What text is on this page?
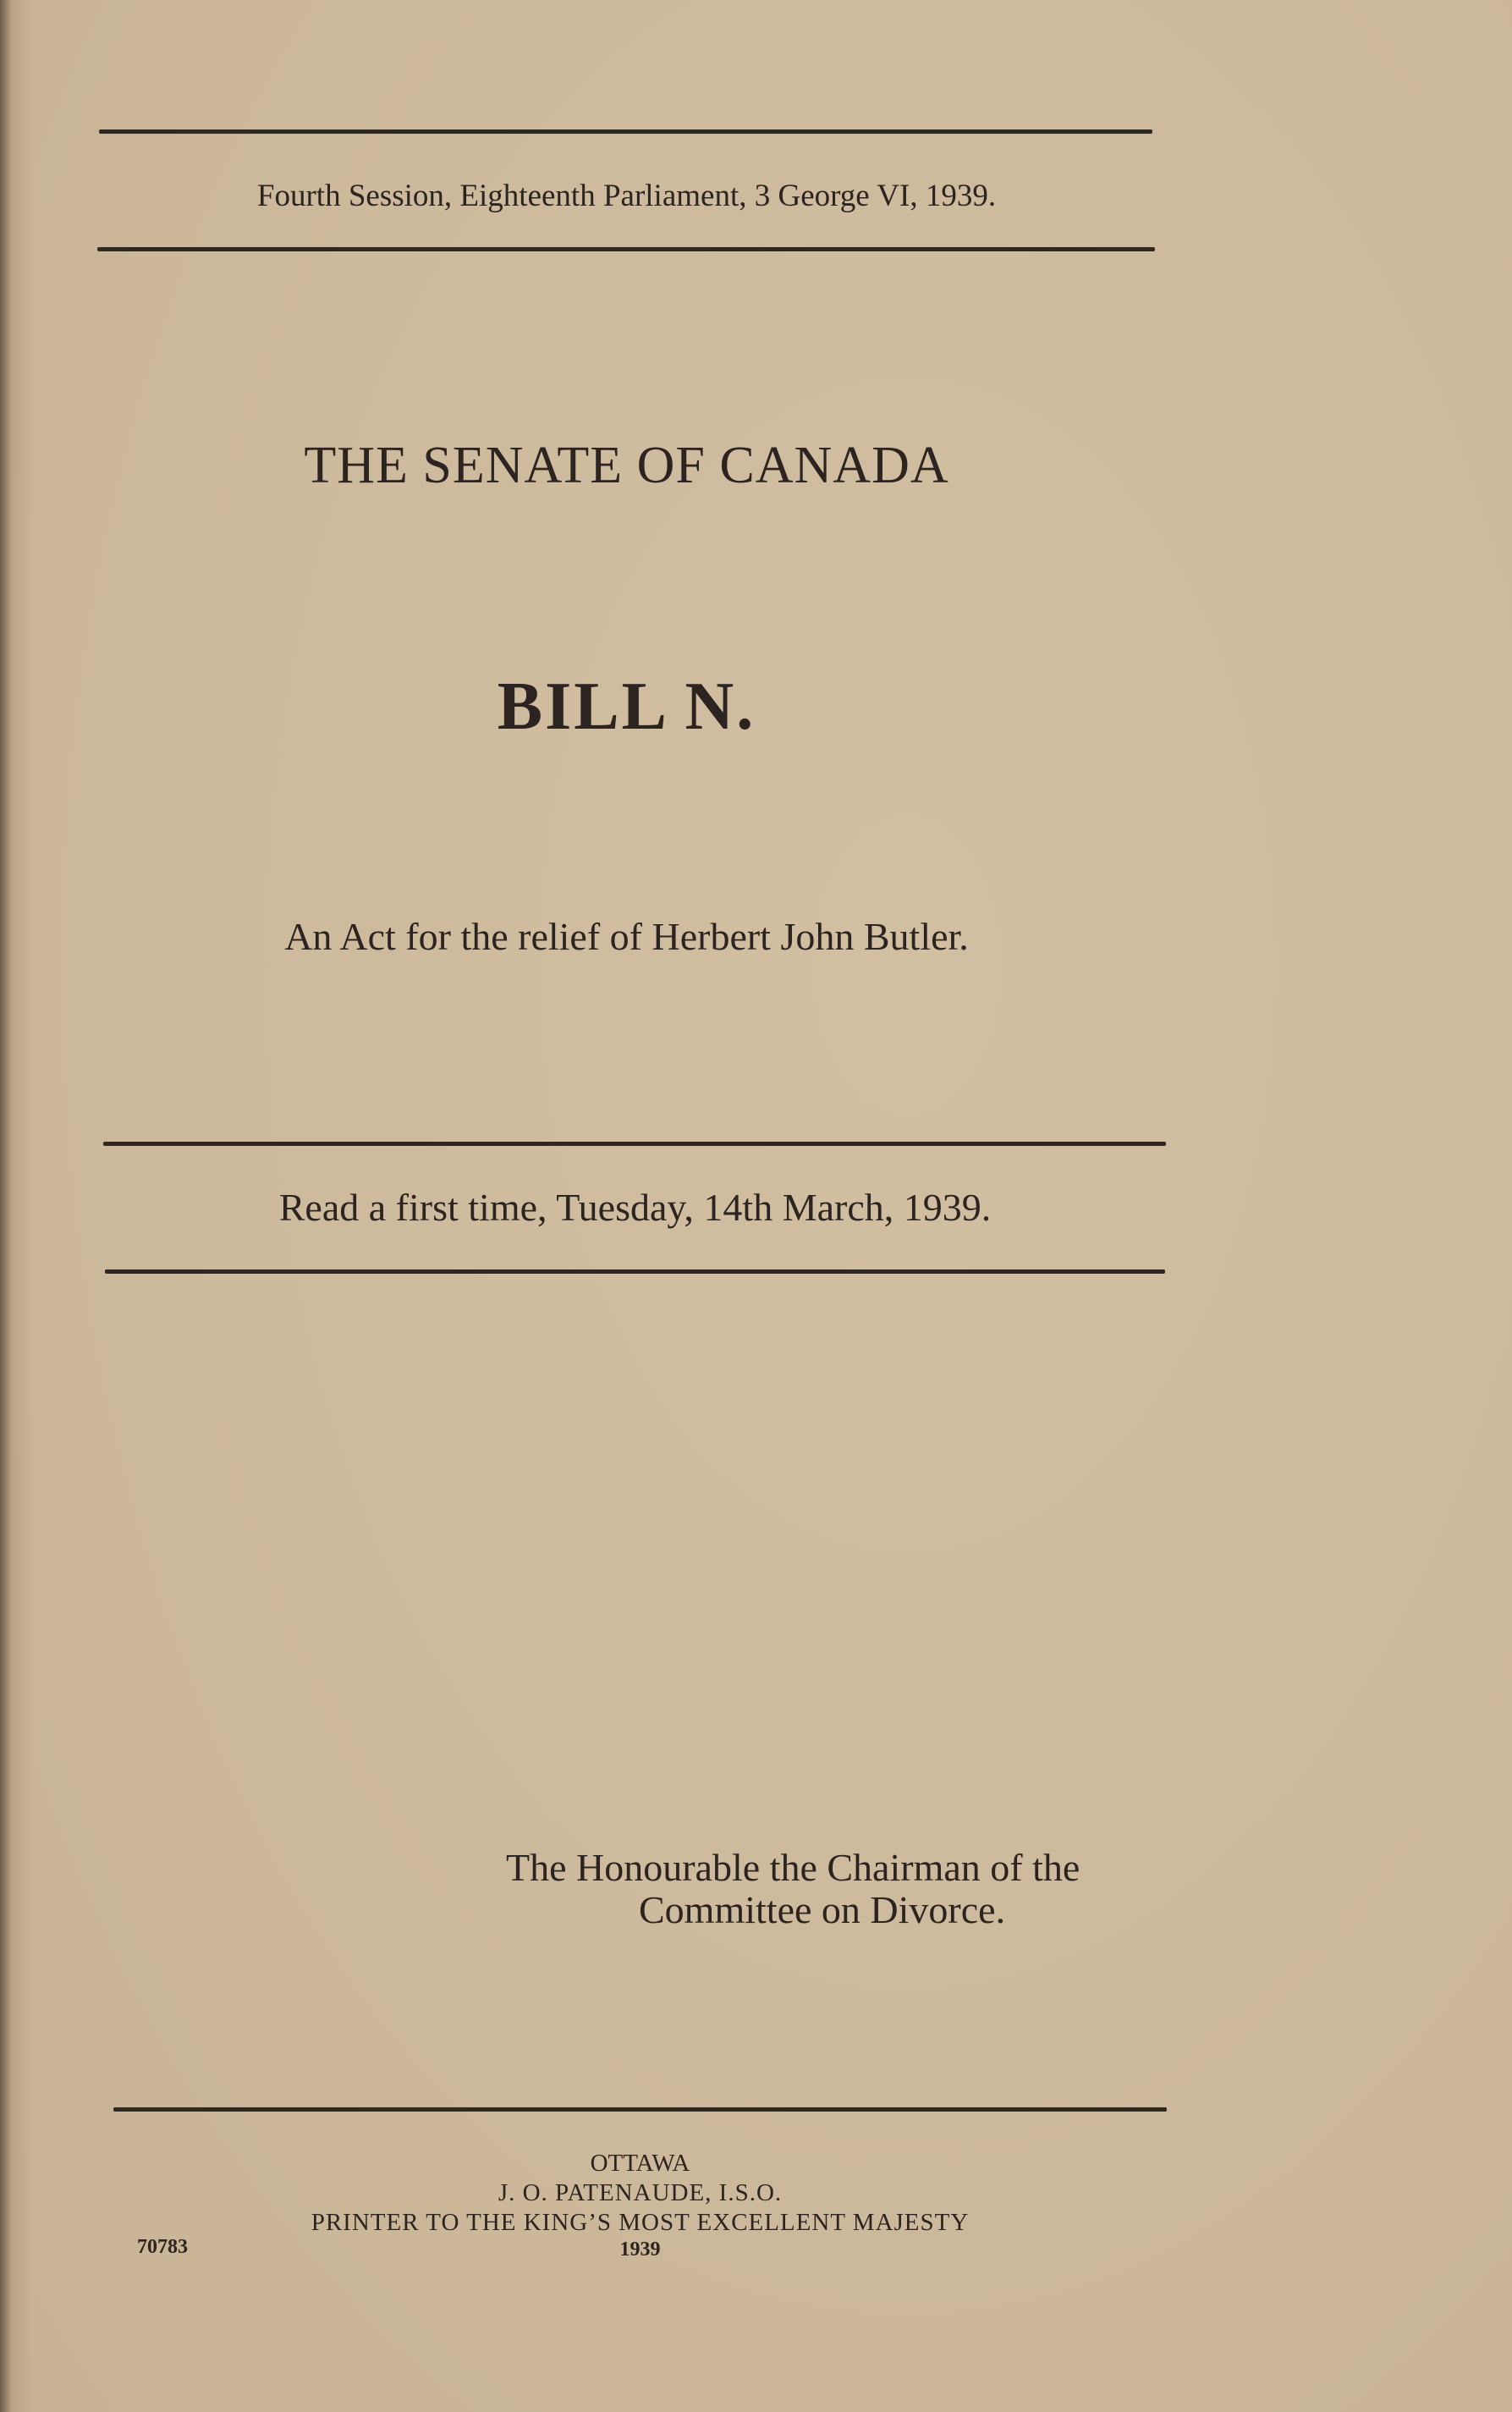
Fourth Session, Eighteenth Parliament, 3 George VI, 1939.
THE SENATE OF CANADA
BILL N.
An Act for the relief of Herbert John Butler.
Read a first time, Tuesday, 14th March, 1939.
The Honourable the Chairman of the
Committee on Divorce.
OTTAWA
J. O. PATENAUDE, I.S.O.
PRINTER TO THE KING’S MOST EXCELLENT MAJESTY
1939
70783
